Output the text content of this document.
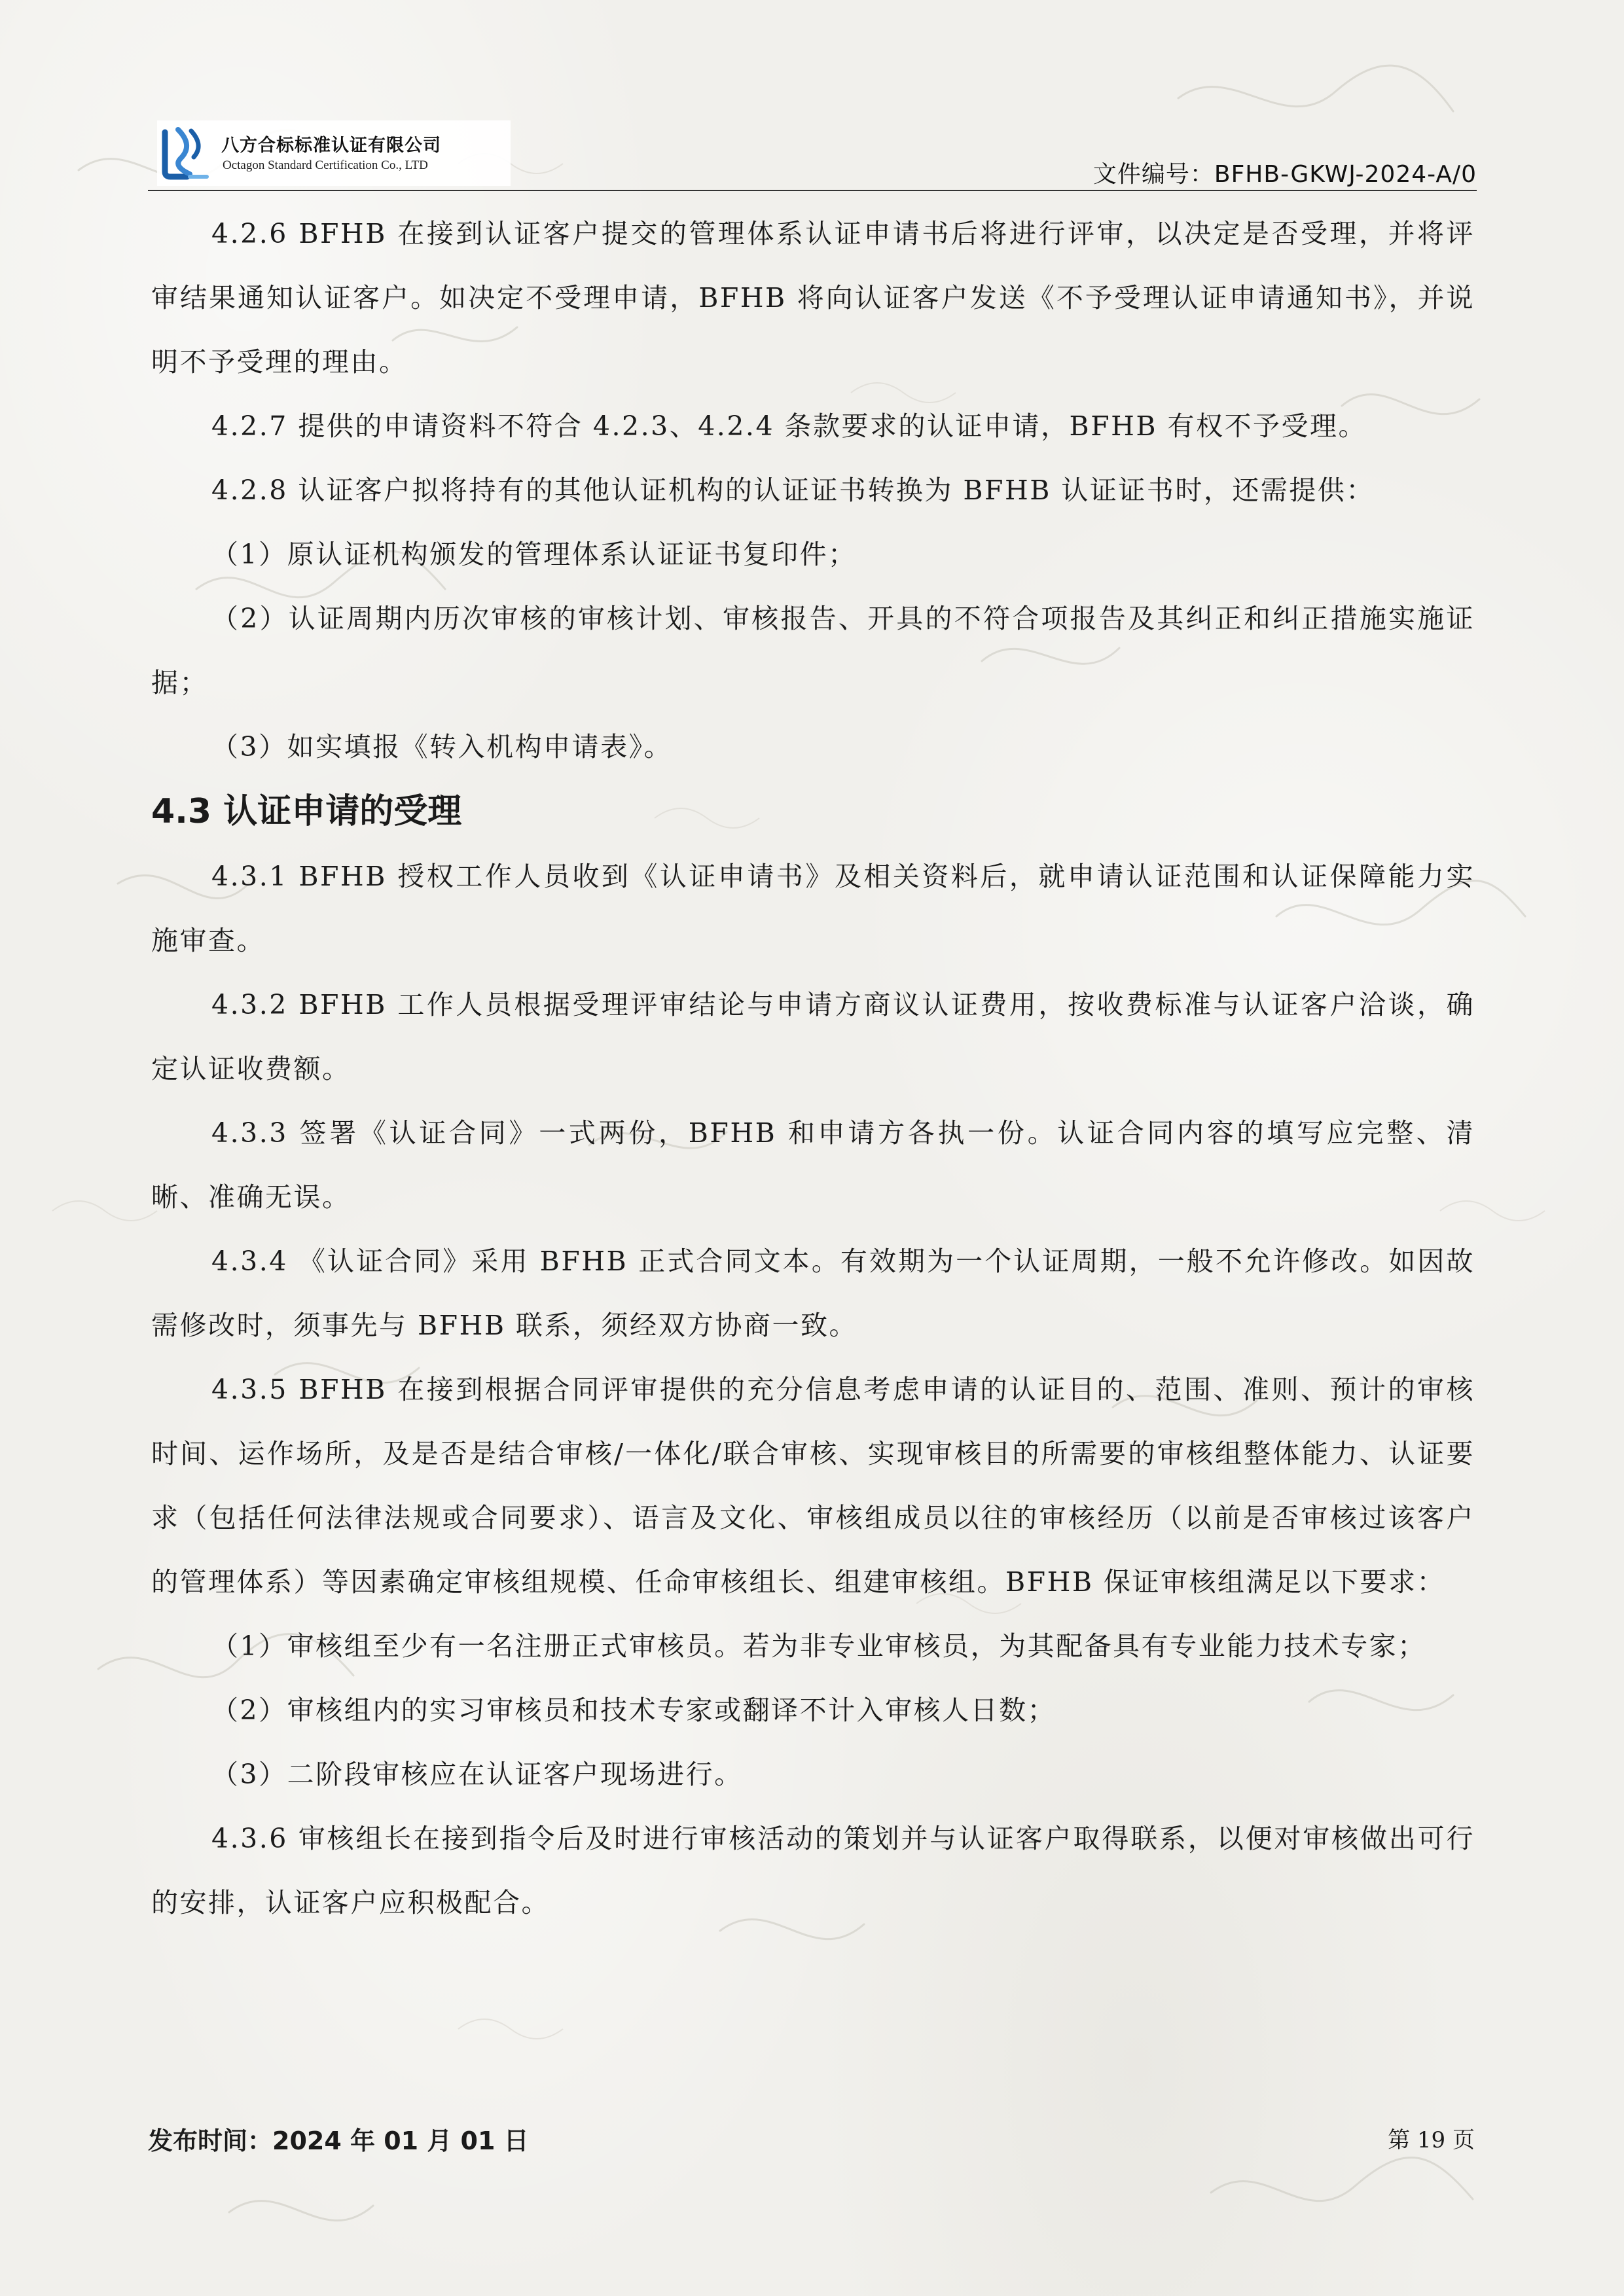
八方合标标准认证有限公司
Octagon Standard Certification Co., LTD	文件编号：BFHB-GKWJ-2024-A/0

4.2.6 BFHB 在接到认证客户提交的管理体系认证申请书后将进行评审，以决定是否受理，并将评审结果通知认证客户。如决定不受理申请，BFHB 将向认证客户发送《不予受理认证申请通知书》，并说明不予受理的理由。

4.2.7 提供的申请资料不符合 4.2.3、4.2.4 条款要求的认证申请，BFHB 有权不予受理。

4.2.8 认证客户拟将持有的其他认证机构的认证证书转换为 BFHB 认证证书时，还需提供：

（1）原认证机构颁发的管理体系认证证书复印件；

（2）认证周期内历次审核的审核计划、审核报告、开具的不符合项报告及其纠正和纠正措施实施证据；

（3）如实填报《转入机构申请表》。

4.3 认证申请的受理

4.3.1 BFHB 授权工作人员收到《认证申请书》及相关资料后，就申请认证范围和认证保障能力实施审查。

4.3.2 BFHB 工作人员根据受理评审结论与申请方商议认证费用，按收费标准与认证客户洽谈，确定认证收费额。

4.3.3 签署《认证合同》一式两份，BFHB 和申请方各执一份。认证合同内容的填写应完整、清晰、准确无误。

4.3.4 《认证合同》采用 BFHB 正式合同文本。有效期为一个认证周期，一般不允许修改。如因故需修改时，须事先与 BFHB 联系，须经双方协商一致。

4.3.5 BFHB 在接到根据合同评审提供的充分信息考虑申请的认证目的、范围、准则、预计的审核时间、运作场所，及是否是结合审核/一体化/联合审核、实现审核目的所需要的审核组整体能力、认证要求（包括任何法律法规或合同要求）、语言及文化、审核组成员以往的审核经历（以前是否审核过该客户的管理体系）等因素确定审核组规模、任命审核组长、组建审核组。BFHB 保证审核组满足以下要求：

（1）审核组至少有一名注册正式审核员。若为非专业审核员，为其配备具有专业能力技术专家；

（2）审核组内的实习审核员和技术专家或翻译不计入审核人日数；

（3）二阶段审核应在认证客户现场进行。

4.3.6 审核组长在接到指令后及时进行审核活动的策划并与认证客户取得联系，以便对审核做出可行的安排，认证客户应积极配合。

发布时间：2024 年 01 月 01 日	第 19 页
